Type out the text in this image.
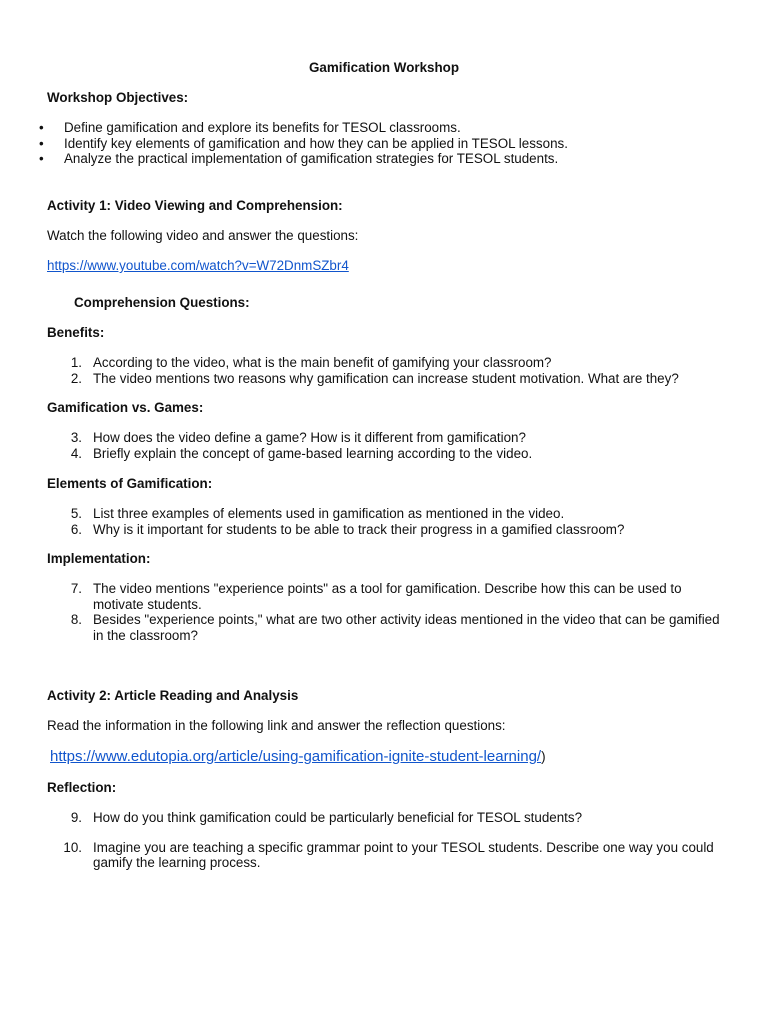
Gamification Workshop
Workshop Objectives:
• Define gamification and explore its benefits for TESOL classrooms.
• Identify key elements of gamification and how they can be applied in TESOL lessons.
• Analyze the practical implementation of gamification strategies for TESOL students.
Activity 1: Video Viewing and Comprehension:
Watch the following video and answer the questions:
https://www.youtube.com/watch?v=W72DnmSZbr4
Comprehension Questions:
Benefits:
1. According to the video, what is the main benefit of gamifying your classroom?
2. The video mentions two reasons why gamification can increase student motivation. What are they?
Gamification vs. Games:
3. How does the video define a game? How is it different from gamification?
4. Briefly explain the concept of game-based learning according to the video.
Elements of Gamification:
5. List three examples of elements used in gamification as mentioned in the video.
6. Why is it important for students to be able to track their progress in a gamified classroom?
Implementation:
7. The video mentions "experience points" as a tool for gamification. Describe how this can be used to motivate students.
8. Besides "experience points," what are two other activity ideas mentioned in the video that can be gamified in the classroom?
Activity 2: Article Reading and Analysis
Read the information in the following link and answer the reflection questions:
https://www.edutopia.org/article/using-gamification-ignite-student-learning/)
Reflection:
9. How do you think gamification could be particularly beneficial for TESOL students?
10. Imagine you are teaching a specific grammar point to your TESOL students. Describe one way you could gamify the learning process.
